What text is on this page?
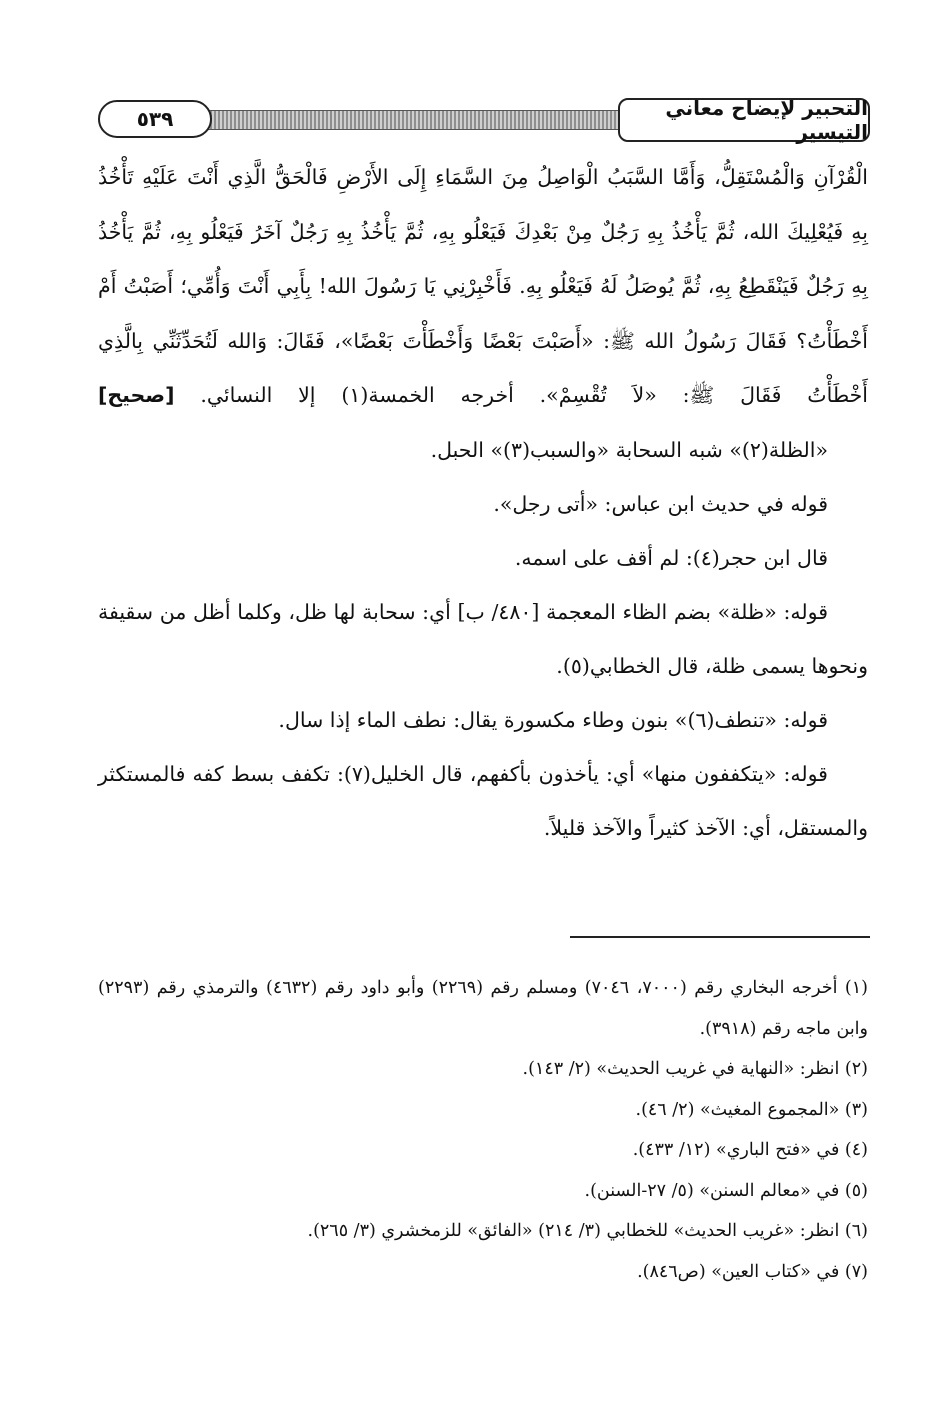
التحبير لإيضاح معاني التيسير
٥٣٩
الْقُرْآنِ وَالْمُسْتَقِلُّ، وَأَمَّا السَّبَبُ الْوَاصِلُ مِنَ السَّمَاءِ إِلَى الأَرْضِ فَالْحَقُّ الَّذِي أَنْتَ عَلَيْهِ تَأْخُذُ
بِهِ فَيُعْلِيكَ الله، ثُمَّ يَأْخُذُ بِهِ رَجُلٌ مِنْ بَعْدِكَ فَيَعْلُو بِهِ، ثُمَّ يَأْخُذُ بِهِ رَجُلٌ آخَرُ فَيَعْلُو بِهِ، ثُمَّ يَأْخُذُ
بِهِ رَجُلٌ فَيَنْقَطِعُ بِهِ، ثُمَّ يُوصَلُ لَهُ فَيَعْلُو بِهِ. فَأَخْبِرْنِي يَا رَسُولَ الله! بِأَبِي أَنْتَ وَأُمِّي؛ أَصَبْتُ أَمْ
أَخْطَأْتُ؟ فَقَالَ رَسُولُ الله ﷺ: «أَصَبْتَ بَعْضًا وَأَخْطَأْتَ بَعْضًا»، فَقَالَ: وَالله لَتُحَدِّثَنِّي بِالَّذِي
أَخْطَأْتُ فَقَالَ ﷺ: «لاَ تُقْسِمْ». أخرجه الخمسة(١) إلا النسائي. [صحيح]
«الظلة(٢)» شبه السحابة «والسبب(٣)» الحبل.
قوله في حديث ابن عباس: «أتى رجل».
قال ابن حجر(٤): لم أقف على اسمه.
قوله: «ظلة» بضم الظاء المعجمة [٤٨٠/ ب] أي: سحابة لها ظل، وكلما أظل من سقيفة ونحوها يسمى ظلة، قال الخطابي(٥).
قوله: «تنطف(٦)» بنون وطاء مكسورة يقال: نطف الماء إذا سال.
قوله: «يتكففون منها» أي: يأخذون بأكفهم، قال الخليل(٧): تكفف بسط كفه فالمستكثر والمستقل، أي: الآخذ كثيراً والآخذ قليلاً.
(١) أخرجه البخاري رقم (٧٠٠٠، ٧٠٤٦) ومسلم رقم (٢٢٦٩) وأبو داود رقم (٤٦٣٢) والترمذي رقم (٢٢٩٣) وابن ماجه رقم (٣٩١٨).
(٢) انظر: «النهاية في غريب الحديث» (٢/ ١٤٣).
(٣) «المجموع المغيث» (٢/ ٤٦).
(٤) في «فتح الباري» (١٢/ ٤٣٣).
(٥) في «معالم السنن» (٥/ ٢٧-السنن).
(٦) انظر: «غريب الحديث» للخطابي (٣/ ٢١٤) «الفائق» للزمخشري (٣/ ٢٦٥).
(٧) في «كتاب العين» (ص٨٤٦).
